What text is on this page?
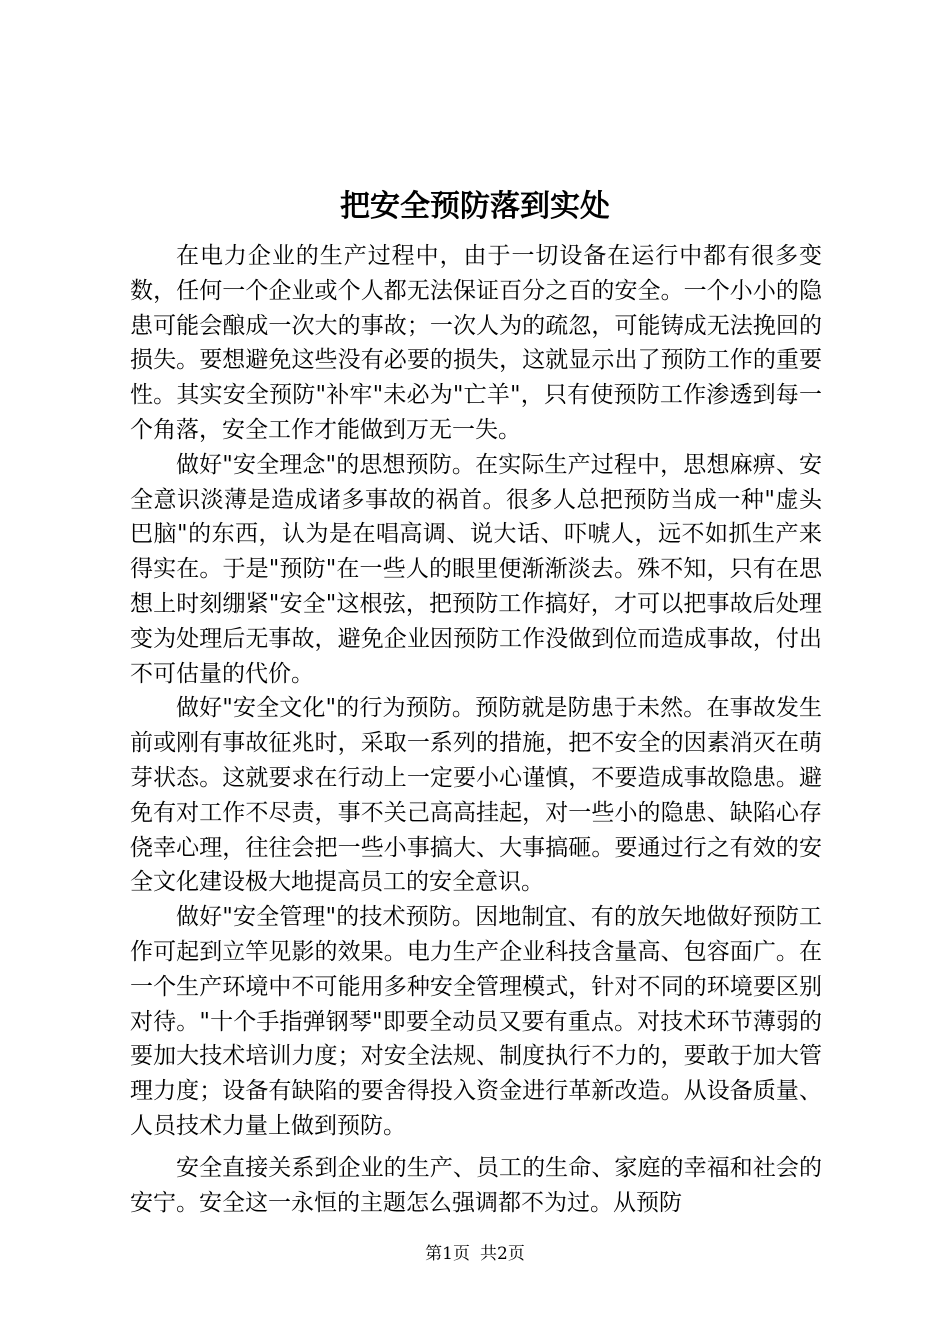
把安全预防落到实处

在电力企业的生产过程中，由于一切设备在运行中都有很多变数，任何一个企业或个人都无法保证百分之百的安全。一个小小的隐患可能会酿成一次大的事故；一次人为的疏忽，可能铸成无法挽回的损失。要想避免这些没有必要的损失，这就显示出了预防工作的重要性。其实安全预防"补牢"未必为"亡羊"，只有使预防工作渗透到每一个角落，安全工作才能做到万无一失。

做好"安全理念"的思想预防。在实际生产过程中，思想麻痹、安全意识淡薄是造成诸多事故的祸首。很多人总把预防当成一种"虚头巴脑"的东西，认为是在唱高调、说大话、吓唬人，远不如抓生产来得实在。于是"预防"在一些人的眼里便渐渐淡去。殊不知，只有在思想上时刻绷紧"安全"这根弦，把预防工作搞好，才可以把事故后处理变为处理后无事故，避免企业因预防工作没做到位而造成事故，付出不可估量的代价。

做好"安全文化"的行为预防。预防就是防患于未然。在事故发生前或刚有事故征兆时，采取一系列的措施，把不安全的因素消灭在萌芽状态。这就要求在行动上一定要小心谨慎，不要造成事故隐患。避免有对工作不尽责，事不关己高高挂起，对一些小的隐患、缺陷心存侥幸心理，往往会把一些小事搞大、大事搞砸。要通过行之有效的安全文化建设极大地提高员工的安全意识。

做好"安全管理"的技术预防。因地制宜、有的放矢地做好预防工作可起到立竿见影的效果。电力生产企业科技含量高、包容面广。在一个生产环境中不可能用多种安全管理模式，针对不同的环境要区别对待。"十个手指弹钢琴"即要全动员又要有重点。对技术环节薄弱的要加大技术培训力度；对安全法规、制度执行不力的，要敢于加大管理力度；设备有缺陷的要舍得投入资金进行革新改造。从设备质量、人员技术力量上做到预防。

安全直接关系到企业的生产、员工的生命、家庭的幸福和社会的安宁。安全这一永恒的主题怎么强调都不为过。从预防

第1页 共2页
